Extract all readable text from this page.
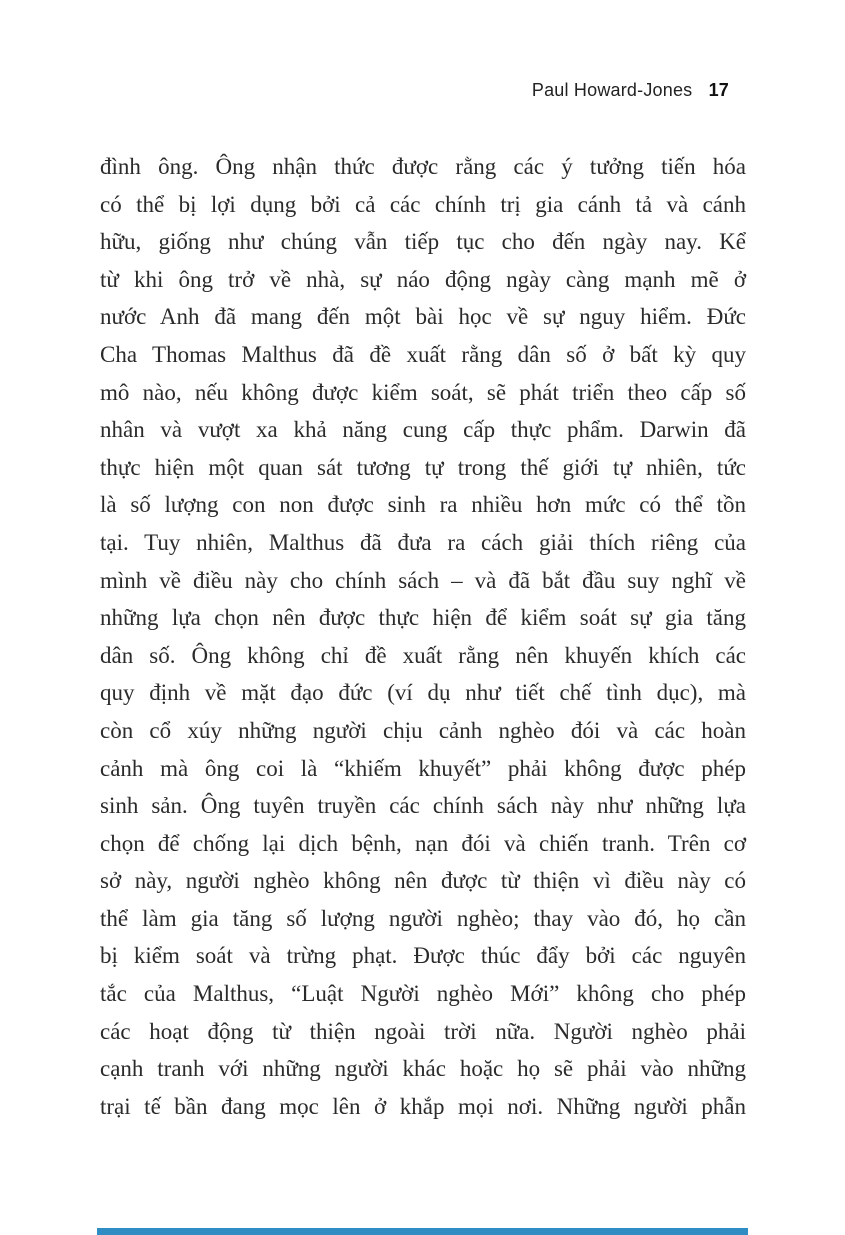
Paul Howard-Jones 17
đình ông. Ông nhận thức được rằng các ý tưởng tiến hóa
có thể bị lợi dụng bởi cả các chính trị gia cánh tả và cánh
hữu, giống như chúng vẫn tiếp tục cho đến ngày nay. Kể
từ khi ông trở về nhà, sự náo động ngày càng mạnh mẽ ở
nước Anh đã mang đến một bài học về sự nguy hiểm. Đức
Cha Thomas Malthus đã đề xuất rằng dân số ở bất kỳ quy
mô nào, nếu không được kiểm soát, sẽ phát triển theo cấp số
nhân và vượt xa khả năng cung cấp thực phẩm. Darwin đã
thực hiện một quan sát tương tự trong thế giới tự nhiên, tức
là số lượng con non được sinh ra nhiều hơn mức có thể tồn
tại. Tuy nhiên, Malthus đã đưa ra cách giải thích riêng của
mình về điều này cho chính sách – và đã bắt đầu suy nghĩ về
những lựa chọn nên được thực hiện để kiểm soát sự gia tăng
dân số. Ông không chỉ đề xuất rằng nên khuyến khích các
quy định về mặt đạo đức (ví dụ như tiết chế tình dục), mà
còn cổ xúy những người chịu cảnh nghèo đói và các hoàn
cảnh mà ông coi là “khiếm khuyết” phải không được phép
sinh sản. Ông tuyên truyền các chính sách này như những lựa
chọn để chống lại dịch bệnh, nạn đói và chiến tranh. Trên cơ
sở này, người nghèo không nên được từ thiện vì điều này có
thể làm gia tăng số lượng người nghèo; thay vào đó, họ cần
bị kiểm soát và trừng phạt. Được thúc đẩy bởi các nguyên
tắc của Malthus, “Luật Người nghèo Mới” không cho phép
các hoạt động từ thiện ngoài trời nữa. Người nghèo phải
cạnh tranh với những người khác hoặc họ sẽ phải vào những
trại tế bần đang mọc lên ở khắp mọi nơi. Những người phẫn
